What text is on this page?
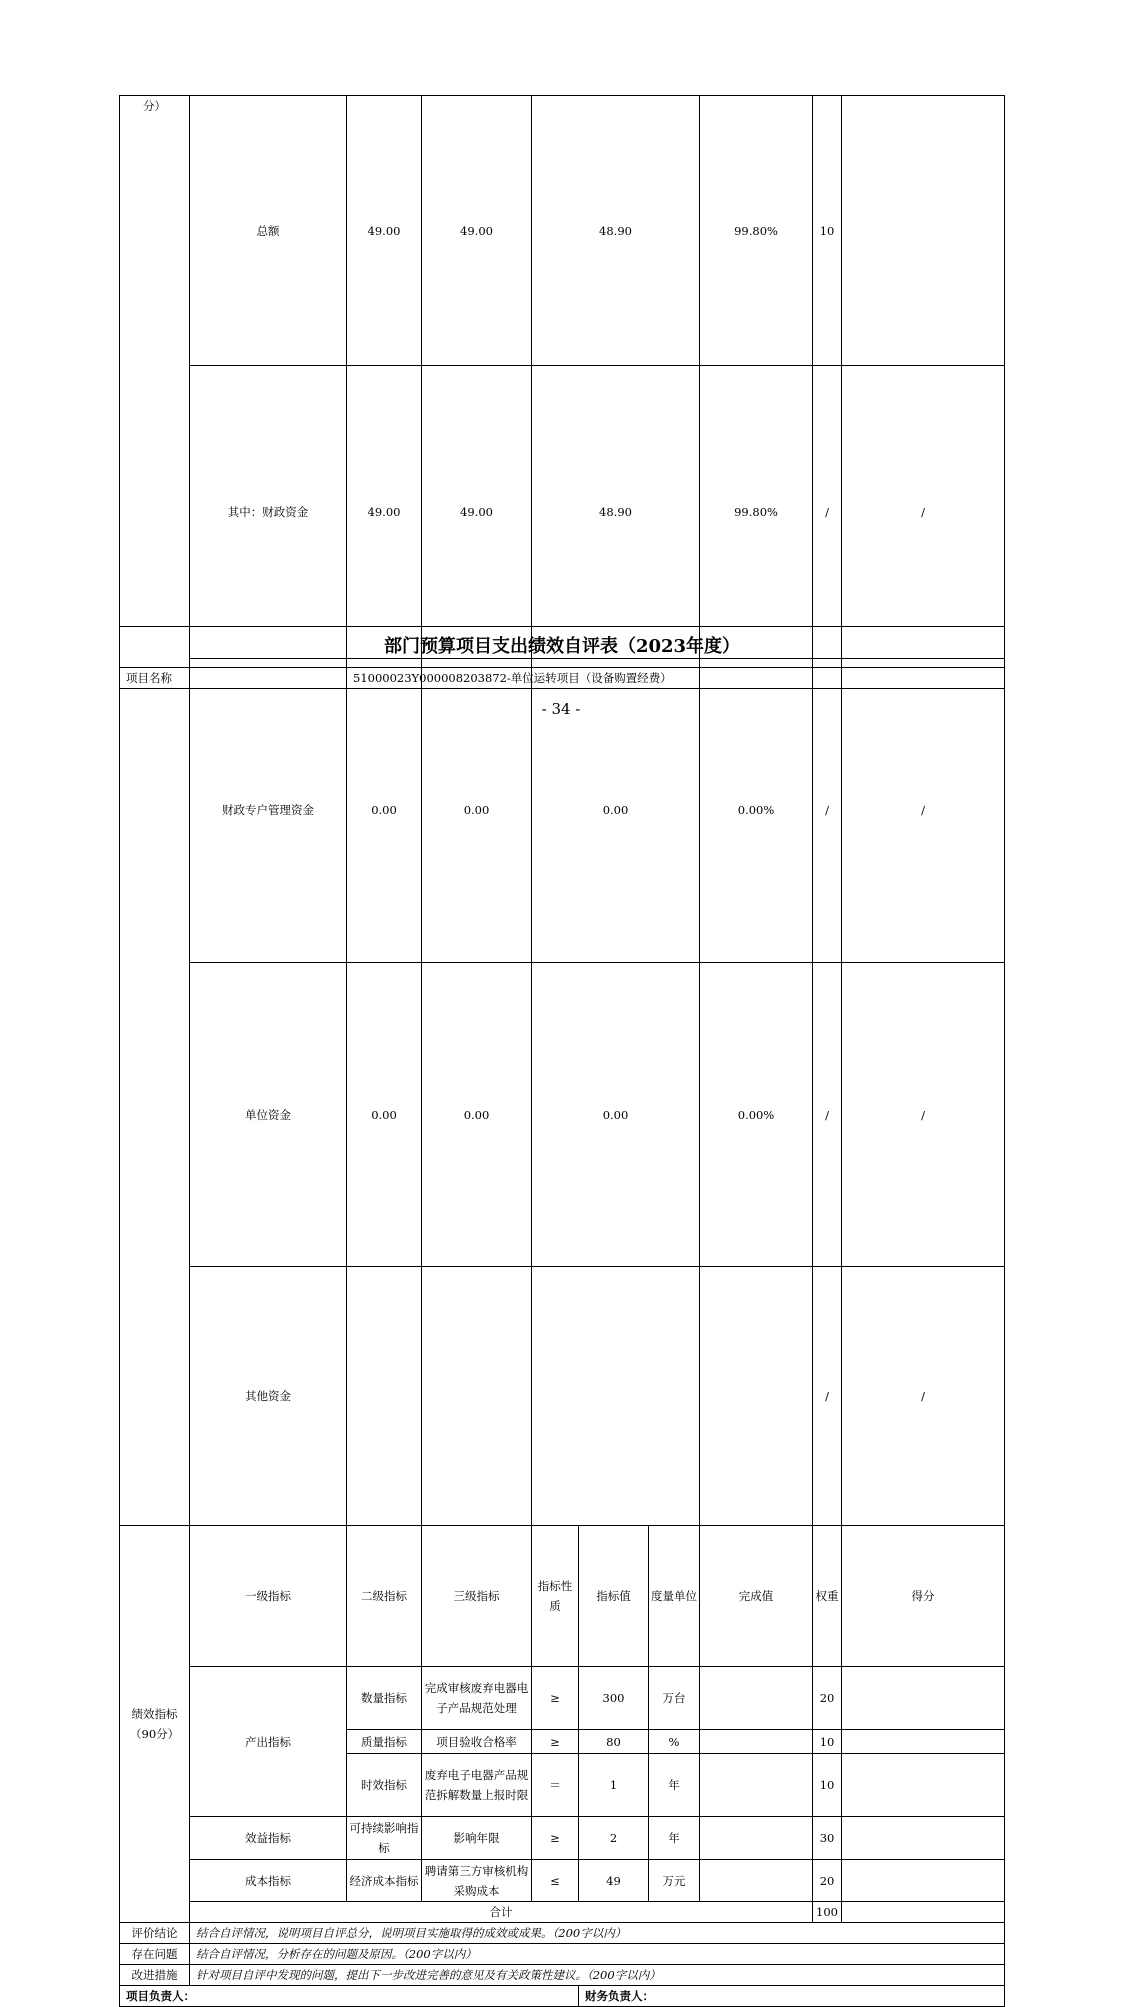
分）	总额	49.00	49.00	48.90			99.80%	10		
	其中：财政资金	49.00	49.00	48.90			99.80%	/	/	
	财政专户管理资金	0.00	0.00	0.00			0.00%	/	/	
	单位资金	0.00	0.00	0.00			0.00%	/	/	
	其他资金							/	/	
绩效指标（90分）	一级指标	二级指标	三级指标	指标性质	指标值	度量单位	完成值	权重	得分	
	产出指标	数量指标	完成审核废弃电器电子产品规范处理	≥	300	万台		20		
		质量指标	项目验收合格率	≥	80	%		10		
		时效指标	废弃电子电器产品规范拆解数量上报时限	＝	1	年		10		
	效益指标	可持续影响指标	影响年限	≥	2	年		30		
	成本指标	经济成本指标	聘请第三方审核机构采购成本	≤	49	万元		20		
	合计							100		
评价结论	结合自评情况，说明项目自评总分，说明项目实施取得的成效或成果。（200字以内）									
存在问题	结合自评情况，分析存在的问题及原因。（200字以内）									
改进措施	针对项目自评中发现的问题，提出下一步改进完善的意见及有关政策性建议。（200字以内）									
项目负责人：					财务负责人：					
部门预算项目支出绩效自评表（2023年度）
项目名称	51000023Y000008203872-单位运转项目（设备购置经费）
- 34 -
